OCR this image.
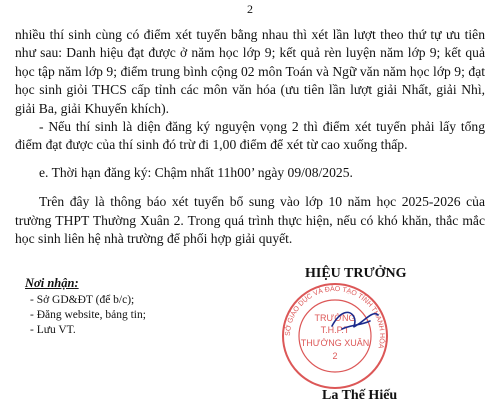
2

nhiều thí sinh cùng có điểm xét tuyển bằng nhau thì xét lần lượt theo thứ tự ưu tiên như sau: Danh hiệu đạt được ở năm học lớp 9; kết quả rèn luyện năm lớp 9; kết quả học tập năm lớp 9; điểm trung bình cộng 02 môn Toán và Ngữ văn năm học lớp 9; đạt học sinh giỏi THCS cấp tỉnh các môn văn hóa (ưu tiên lần lượt giải Nhất, giải Nhì, giải Ba, giải Khuyến khích).

- Nếu thí sinh là diện đăng ký nguyện vọng 2 thì điểm xét tuyển phải lấy tổng điểm đạt được của thí sinh đó trừ đi 1,00 điểm để xét từ cao xuống thấp.

e. Thời hạn đăng ký: Chậm nhất 11h00’ ngày 09/08/2025.

Trên đây là thông báo xét tuyển bổ sung vào lớp 10 năm học 2025-2026 của trường THPT Thường Xuân 2. Trong quá trình thực hiện, nếu có khó khăn, thắc mắc học sinh liên hệ nhà trường để phối hợp giải quyết.

Nơi nhận:
- Sở GD&ĐT (để b/c);
- Đăng website, bảng tin;
- Lưu VT.
HIỆU TRƯỞNG
SỞ GIÁO DỤC VÀ ĐÀO TẠO TỈNH THANH HÓA
TRƯỜNG
T.H.P.T
THƯỜNG XUÂN
2
La Thế Hiếu
